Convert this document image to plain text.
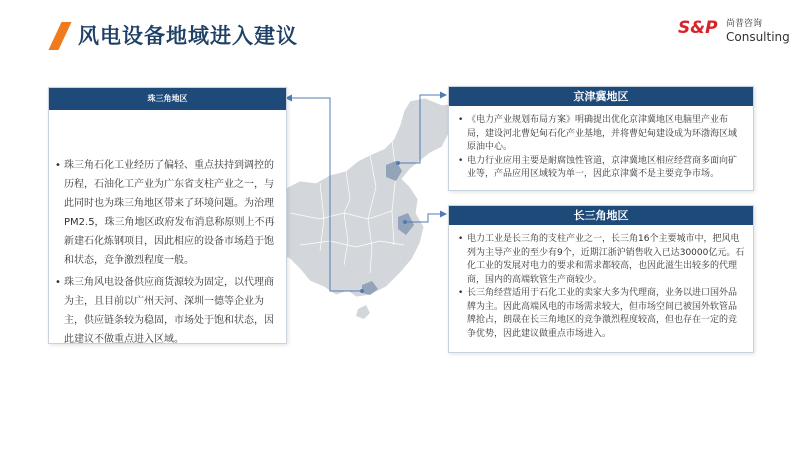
风电设备地域进入建议	S&P 尚普咨询
Consulting
珠三角地区
• 珠三角石化工业经历了偏轻、重点扶持到调控的历程，石油化工产业为广东省支柱产业之一，与此同时也为珠三角地区带来了环境问题。为治理PM2.5，珠三角地区政府发布消息称原则上不再新建石化炼钢项目，因此相应的设备市场趋于饱和状态，竞争激烈程度一般。
• 珠三角风电设备供应商货源较为固定，以代理商为主，且目前以广州天河、深圳一德等企业为主，供应链条较为稳固，市场处于饱和状态，因此建议不做重点进入区域。
京津冀地区
• 《电力产业规划布局方案》明确提出优化京津冀地区电脑里产业布局，建设河北曹妃甸石化产业基地，并将曹妃甸建设成为环渤海区域原油中心。
• 电力行业应用主要是耐腐蚀性管道，京津冀地区相应经营商多面向矿业等，产品应用区域较为单一，因此京津冀不是主要竞争市场。
长三角地区
• 电力工业是长三角的支柱产业之一，长三角16个主要城市中，把风电列为主导产业的至少有9个，近期江浙沪销售收入已达30000亿元。石化工业的发展对电力的要求和需求都较高，也因此滋生出较多的代理商，国内的高端软管生产商较少。
• 长三角经营适用于石化工业的卖家大多为代理商，业务以进口国外品牌为主。因此高端风电的市场需求较大，但市场空间已被国外软管品牌抢占，朗晟在长三角地区的竞争激烈程度较高，但也存在一定的竞争优势，因此建议做重点市场进入。
